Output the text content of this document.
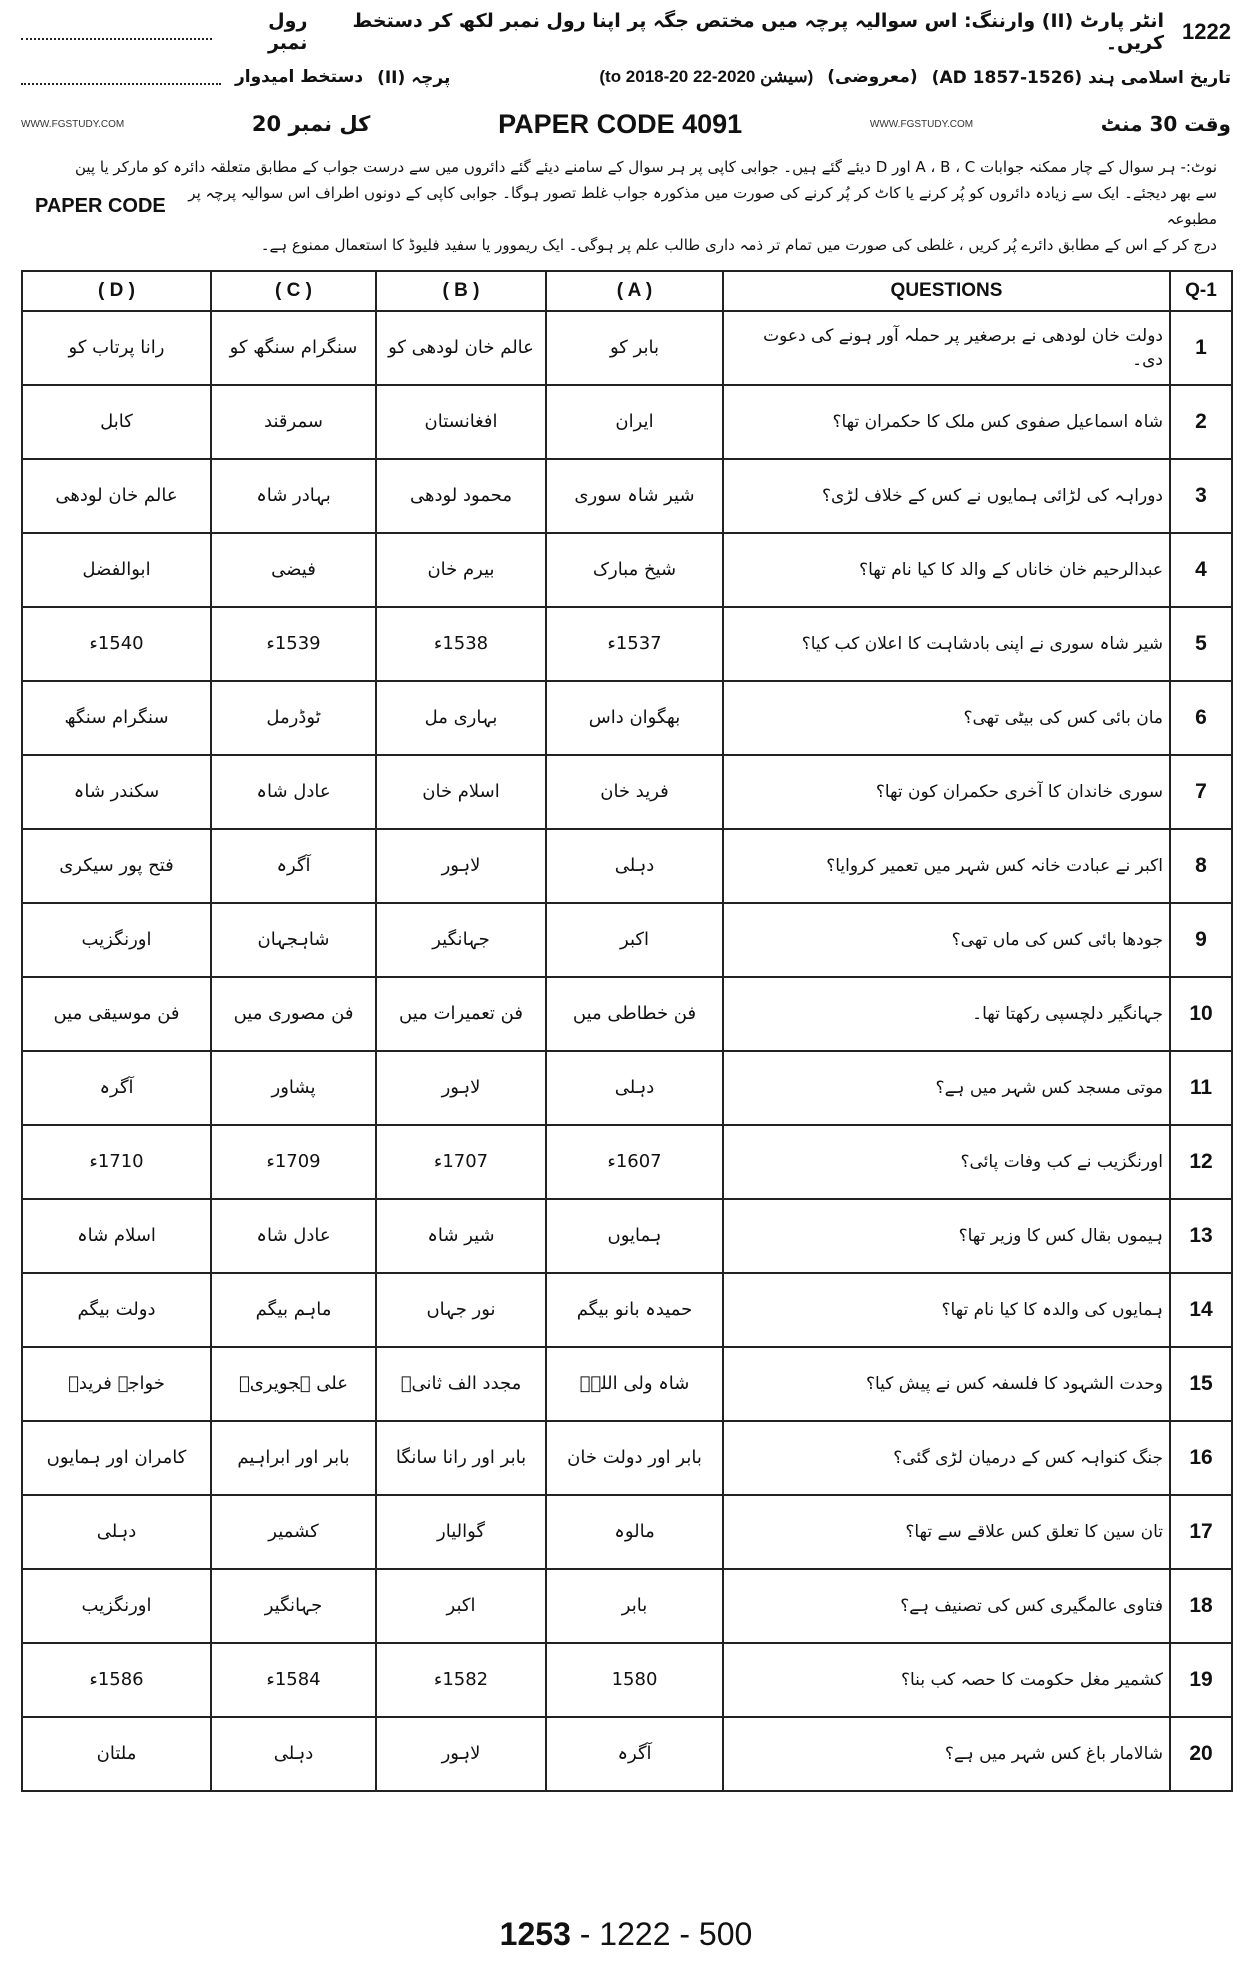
1222
انٹر پارٹ (II) وارننگ: اس سوالیہ پرچہ میں مختص جگہ پر اپنا رول نمبر لکھ کر دستخط کریں۔
رول نمبر
تاریخ اسلامی ہند (1526-1857 AD)
(معروضی)
(سیشن 2020-22 to 2018-20)
پرچہ (II)
دستخط امیدوار
وقت 30 منٹ
WWW.FGSTUDY.COM
PAPER CODE 4091
کل نمبر 20
WWW.FGSTUDY.COM
نوٹ:- ہر سوال کے چار ممکنہ جوابات A ، B ، C اور D دیئے گئے ہیں۔ جوابی کاپی پر ہر سوال کے سامنے دیئے گئے دائروں میں سے درست جواب کے مطابق متعلقہ دائرہ کو مارکر یا پین
سے بھر دیجئے۔ ایک سے زیادہ دائروں کو پُر کرنے یا کاٹ کر پُر کرنے کی صورت میں مذکورہ جواب غلط تصور ہوگا۔ جوابی کاپی کے دونوں اطراف اس سوالیہ پرچہ پر مطبوعہ
PAPER CODE
درج کر کے اس کے مطابق دائرے پُر کریں ، غلطی کی صورت میں تمام تر ذمہ داری طالب علم پر ہوگی۔ ایک ریموور یا سفید فلیوڈ کا استعمال ممنوع ہے۔
( D )	( C )	( B )	( A )	QUESTIONS	Q-1
رانا پرتاب کو	سنگرام سنگھ کو	عالم خان لودھی کو	بابر کو	دولت خان لودھی نے برصغیر پر حملہ آور ہونے کی دعوت دی۔	1
کابل	سمرقند	افغانستان	ایران	شاہ اسماعیل صفوی کس ملک کا حکمران تھا؟	2
عالم خان لودھی	بہادر شاہ	محمود لودھی	شیر شاہ سوری	دوراہہ کی لڑائی ہمایوں نے کس کے خلاف لڑی؟	3
ابوالفضل	فیضی	بیرم خان	شیخ مبارک	عبدالرحیم خان خاناں کے والد کا کیا نام تھا؟	4
1540ء	1539ء	1538ء	1537ء	شیر شاہ سوری نے اپنی بادشاہت کا اعلان کب کیا؟	5
سنگرام سنگھ	ٹوڈرمل	بہاری مل	بھگوان داس	مان بائی کس کی بیٹی تھی؟	6
سکندر شاہ	عادل شاہ	اسلام خان	فرید خان	سوری خاندان کا آخری حکمران کون تھا؟	7
فتح پور سیکری	آگرہ	لاہور	دہلی	اکبر نے عبادت خانہ کس شہر میں تعمیر کروایا؟	8
اورنگزیب	شاہجہان	جہانگیر	اکبر	جودھا بائی کس کی ماں تھی؟	9
فن موسیقی میں	فن مصوری میں	فن تعمیرات میں	فن خطاطی میں	جہانگیر دلچسپی رکھتا تھا۔	10
آگرہ	پشاور	لاہور	دہلی	موتی مسجد کس شہر میں ہے؟	11
1710ء	1709ء	1707ء	1607ء	اورنگزیب نے کب وفات پائی؟	12
اسلام شاہ	عادل شاہ	شیر شاہ	ہمایوں	ہیموں بقال کس کا وزیر تھا؟	13
دولت بیگم	ماہم بیگم	نور جہاں	حمیدہ بانو بیگم	ہمایوں کی والدہ کا کیا نام تھا؟	14
خواجہ فریدؒ	علی ہجویریؒ	مجدد الف ثانیؒ	شاہ ولی اللہؒ	وحدت الشہود کا فلسفہ کس نے پیش کیا؟	15
کامران اور ہمایوں	بابر اور ابراہیم	بابر اور رانا سانگا	بابر اور دولت خان	جنگ کنواہہ کس کے درمیان لڑی گئی؟	16
دہلی	کشمیر	گوالیار	مالوہ	تان سین کا تعلق کس علاقے سے تھا؟	17
اورنگزیب	جہانگیر	اکبر	بابر	فتاوی عالمگیری کس کی تصنیف ہے؟	18
1586ء	1584ء	1582ء	1580	کشمیر مغل حکومت کا حصہ کب بنا؟	19
ملتان	دہلی	لاہور	آگرہ	شالامار باغ کس شہر میں ہے؟	20
1253 - 1222 - 500
